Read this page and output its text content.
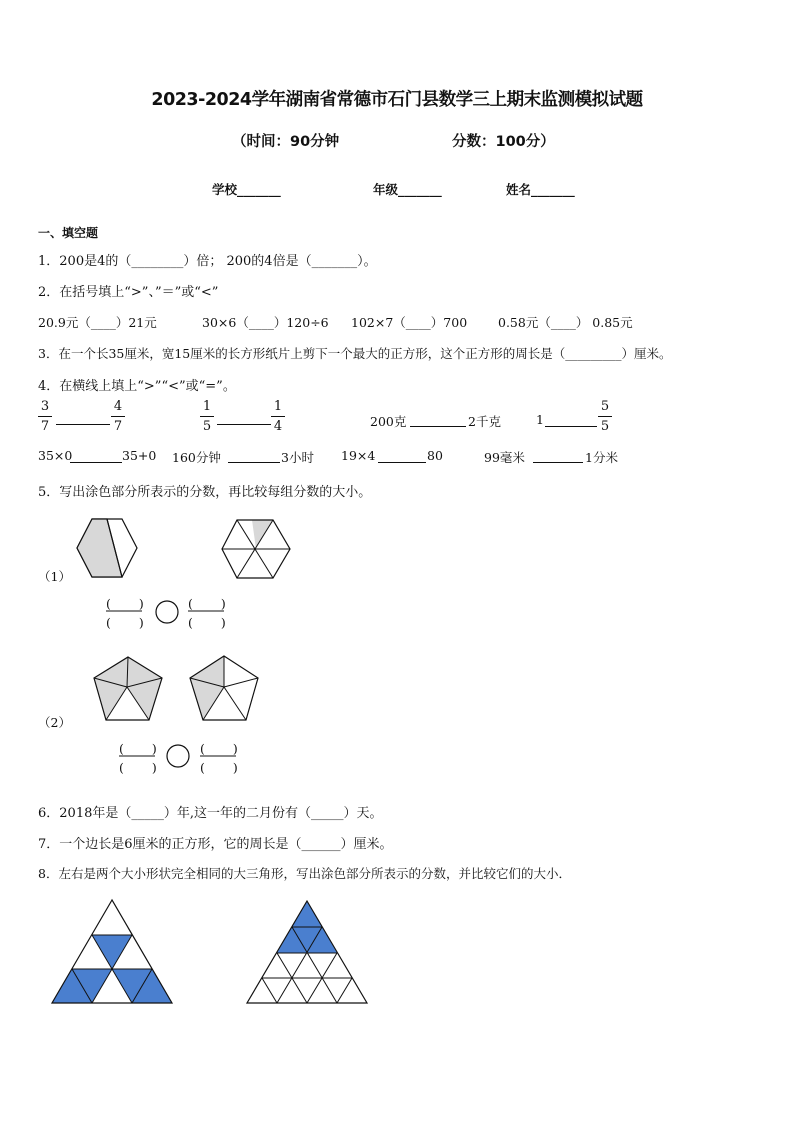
2023-2024学年湖南省常德市石门县数学三上期末监测模拟试题
（时间：90分钟	分数：100分）
学校_______	年级_______	姓名_______
一、填空题
1．200是4的（________）倍； 200的4倍是（_______）。
2．在括号填上“>”、”＝”或“<”
20.9元（____）21元	30×6（____）120÷6 102×7（____）700 0.58元（____） 0.85元
3．在一个长35厘米，宽15厘米的长方形纸片上剪下一个最大的正方形，这个正方形的周长是（_________）厘米。
4．在横线上填上“>”“<”或“=”。
3
7
4
7
1
5
1
4	200克	2千克	1
5
5
35×0	35+0 160分钟	3小时 19×4	80	99毫米	1分米
5．写出涂色部分所表示的分数，再比较每组分数的大小。
（1）
（2）
(　　)
(　　)
(　　)
(　　)
(　　)
(　　)
(　　)
(　　)
6．2018年是（_____）年,这一年的二月份有（_____）天。
7．一个边长是6厘米的正方形，它的周长是（______）厘米。
8．左右是两个大小形状完全相同的大三角形，写出涂色部分所表示的分数，并比较它们的大小．
